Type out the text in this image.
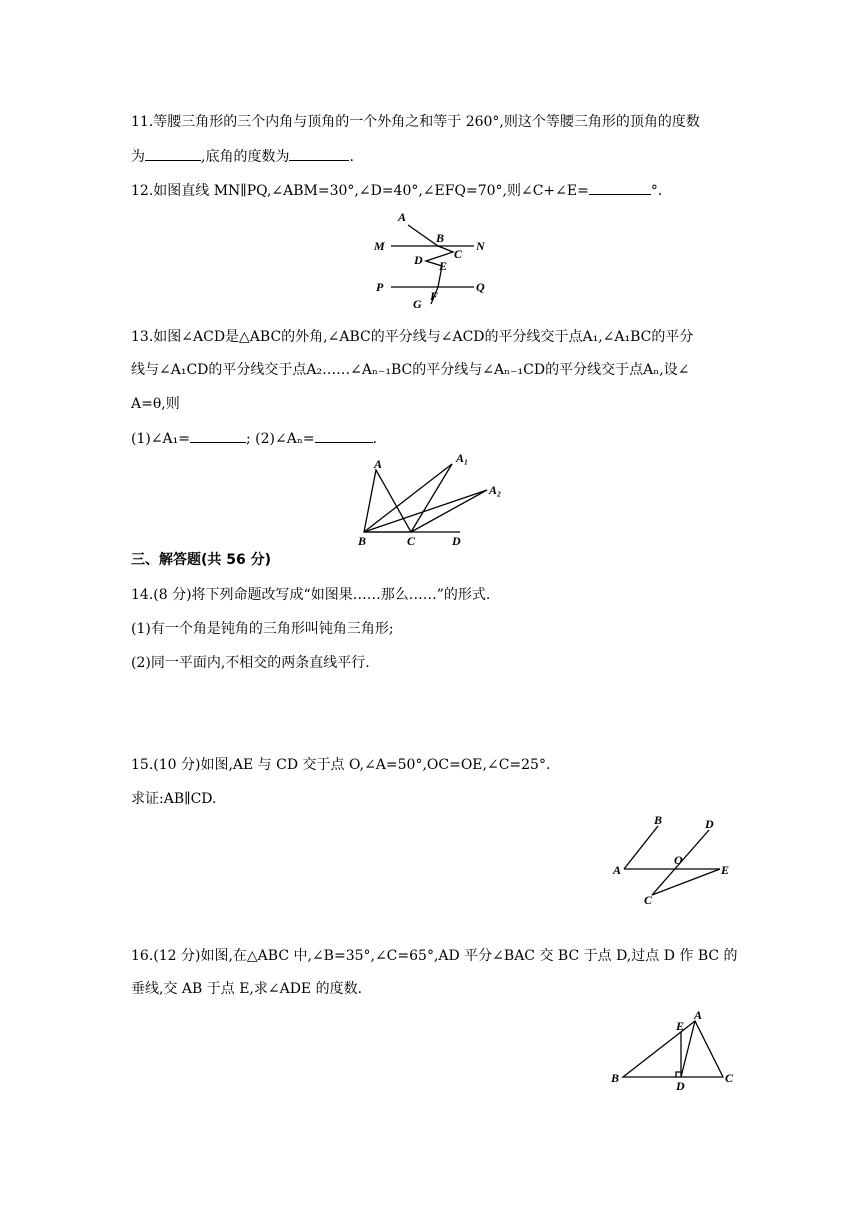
11.等腰三角形的三个内角与顶角的一个外角之和等于 260°,则这个等腰三角形的顶角的度数
为	,底角的度数为	.
12.如图直线 MN∥PQ,∠ABM=30°,∠D=40°,∠EFQ=70°,则∠C+∠E=	°.
A
M
B
N
D	C
E
P	Q
F
G
13.如图∠ACD是△ABC的外角,∠ABC的平分线与∠ACD的平分线交于点A₁,∠A₁BC的平分
线与∠A₁CD的平分线交于点A₂……∠Aₙ₋₁BC的平分线与∠Aₙ₋₁CD的平分线交于点Aₙ,设∠
A=θ,则
(1)∠A₁=	; (2)∠Aₙ=	.
A	A₁
A₂
B	C	D
三、解答题(共 56 分)
14.(8 分)将下列命题改写成“如图果……那么……”的形式.
(1)有一个角是钝角的三角形叫钝角三角形;
(2)同一平面内,不相交的两条直线平行.
15.(10 分)如图,AE 与 CD 交于点 O,∠A=50°,OC=OE,∠C=25°.
求证:AB∥CD.
B	D
A
O
E
C
16.(12 分)如图,在△ABC 中,∠B=35°,∠C=65°,AD 平分∠BAC 交 BC 于点 D,过点 D 作 BC 的
垂线,交 AB 于点 E,求∠ADE 的度数.
E
A
B
D
C
